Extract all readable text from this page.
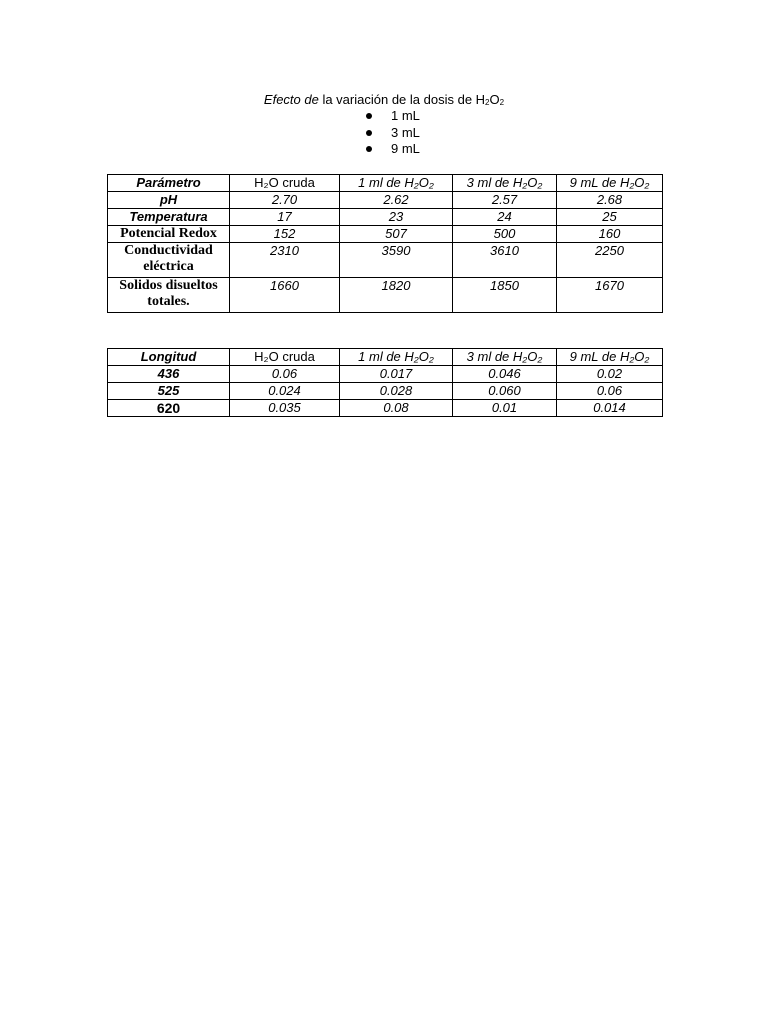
Efecto de la variación de la dosis de $H_2O_2$
1 mL
3 mL
9 mL
Parámetro	H₂O cruda	1 ml de H₂O₂	3 ml de H₂O₂	9 mL de H₂O₂
pH	2.70	2.62	2.57	2.68
Temperatura	17	23	24	25
Potencial Redox	152	507	500	160
Conductividad
eléctrica	2310	3590	3610	2250
Solidos disueltos
totales.	1660	1820	1850	1670
Longitud	H₂O cruda	1 ml de H₂O₂	3 ml de H₂O₂	9 mL de H₂O₂
436	0.06	0.017	0.046	0.02
525	0.024	0.028	0.060	0.06
620	0.035	0.08	0.01	0.014
